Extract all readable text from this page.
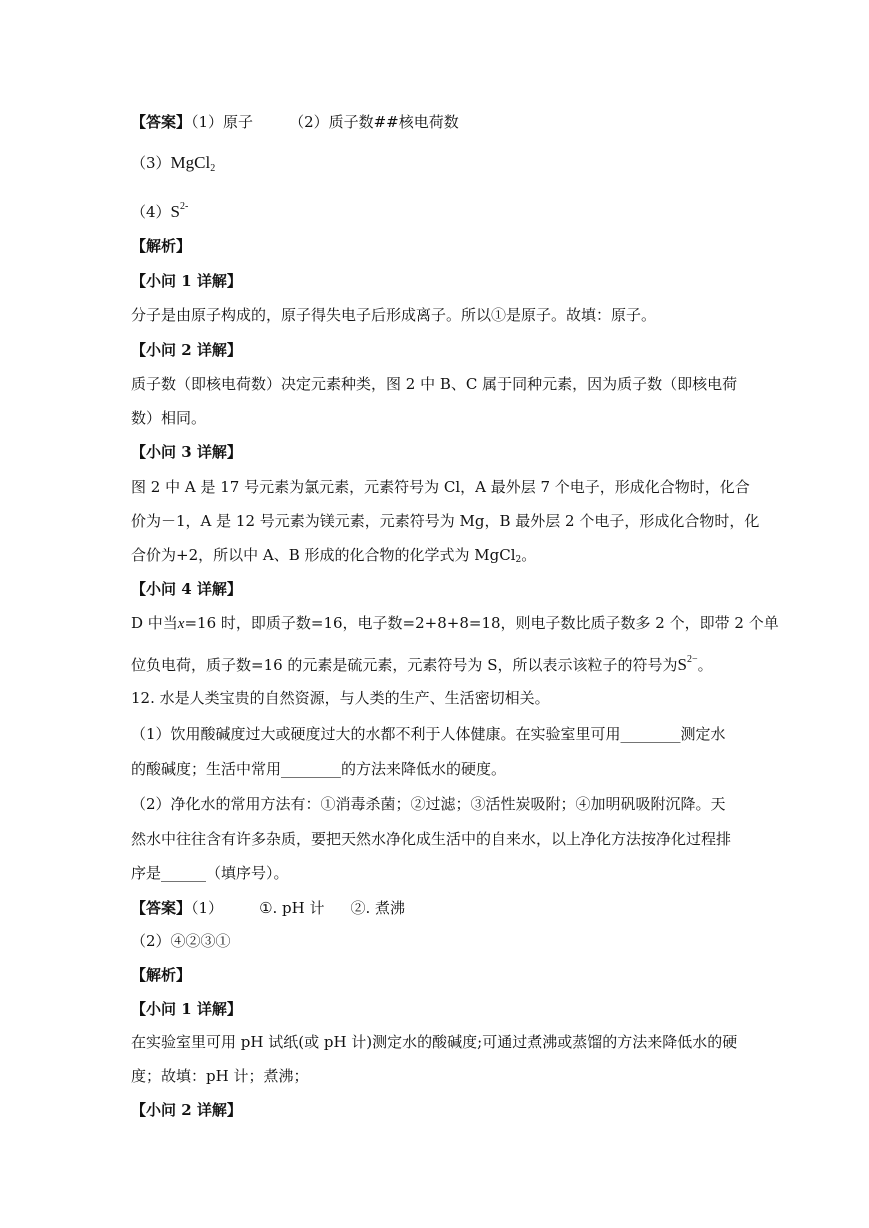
【答案】（1）原子 （2）质子数##核电荷数
（3）MgCl$_2$
$(4)S^{2-}$
【解析】
【小问 1 详解】
分子是由原子构成的，原子得失电子后形成离子。所以①是原子。故填：原子。
【小问 2 详解】
质子数（即核电荷数）决定元素种类，图 2 中 B、C 属于同种元素，因为质子数（即核电荷
数）相同。
【小问 3 详解】
图 2 中 A 是 17 号元素为氯元素，元素符号为 Cl，A 最外层 7 个电子，形成化合物时，化合
价为－1，A 是 12 号元素为镁元素，元素符号为 Mg，B 最外层 2 个电子，形成化合物时，化
合价为+2，所以中 A、B 形成的化合物的化学式为 MgCl$_2$。
【小问 4 详解】
D 中当x=16 时，即质子数=16，电子数=2+8+8=18，则电子数比质子数多 2 个，即带 2 个单
位负电荷，质子数=16 的元素是硫元素，元素符号为 S，所以表示该粒子的符号为$S^{2-}$。
12. 水是人类宝贵的自然资源，与人类的生产、生活密切相关。
（1）饮用酸碱度过大或硬度过大的水都不利于人体健康。在实验室里可用________测定水
的酸碱度；生活中常用________的方法来降低水的硬度。
（2）净化水的常用方法有：①消毒杀菌；②过滤；③活性炭吸附；④加明矾吸附沉降。天
然水中往往含有许多杂质，要把天然水净化成生活中的自来水，以上净化方法按净化过程排
序是______（填序号）。
【答案】（1） ①. pH 计 ②. 煮沸
（2）④②③①
【解析】
【小问 1 详解】
在实验室里可用 pH 试纸(或 pH 计)测定水的酸碱度;可通过煮沸或蒸馏的方法来降低水的硬
度；故填：pH 计；煮沸；
【小问 2 详解】
